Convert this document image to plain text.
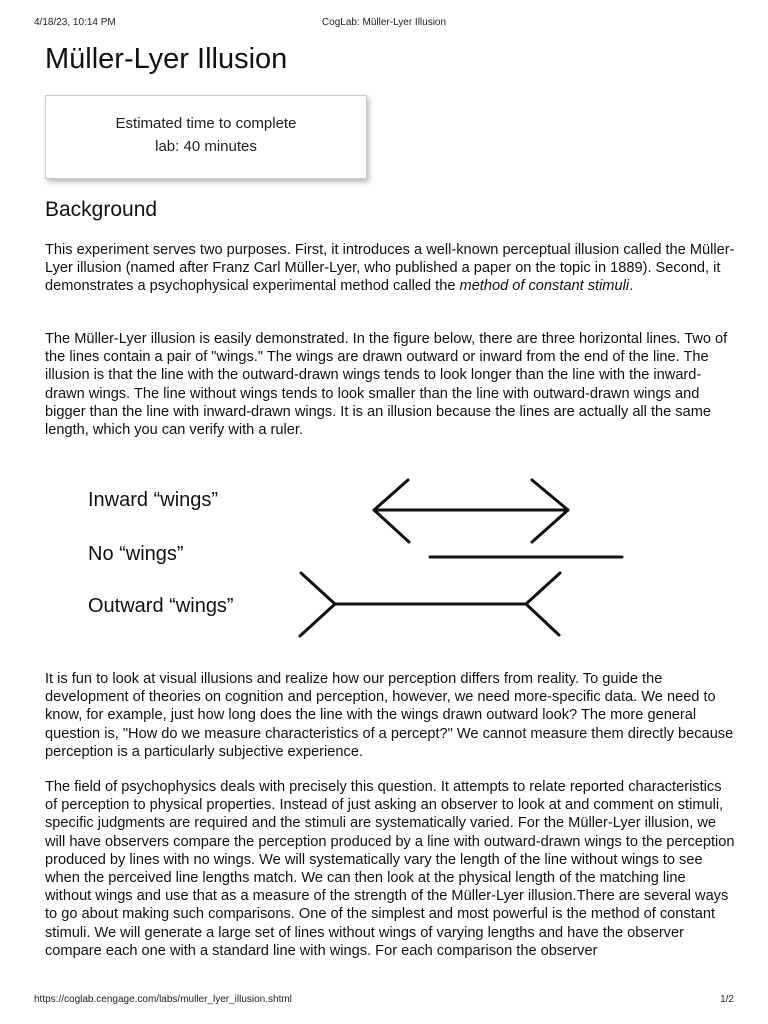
4/18/23, 10:14 PM	CogLab: Müller-Lyer Illusion
Müller-Lyer Illusion
Estimated time to complete
lab: 40 minutes
Background

This experiment serves two purposes. First, it introduces a well-known perceptual illusion called the Müller-Lyer illusion (named after Franz Carl Müller-Lyer, who published a paper on the topic in 1889). Second, it demonstrates a psychophysical experimental method called the method of constant stimuli.

The Müller-Lyer illusion is easily demonstrated. In the figure below, there are three horizontal lines. Two of the lines contain a pair of "wings." The wings are drawn outward or inward from the end of the line. The illusion is that the line with the outward-drawn wings tends to look longer than the line with the inward-drawn wings. The line without wings tends to look smaller than the line with outward-drawn wings and bigger than the line with inward-drawn wings. It is an illusion because the lines are actually all the same length, which you can verify with a ruler.

Inward “wings”
No “wings”
Outward “wings”

It is fun to look at visual illusions and realize how our perception differs from reality. To guide the development of theories on cognition and perception, however, we need more-specific data. We need to know, for example, just how long does the line with the wings drawn outward look? The more general question is, "How do we measure characteristics of a percept?" We cannot measure them directly because perception is a particularly subjective experience.

The field of psychophysics deals with precisely this question. It attempts to relate reported characteristics of perception to physical properties. Instead of just asking an observer to look at and comment on stimuli, specific judgments are required and the stimuli are systematically varied. For the Müller-Lyer illusion, we will have observers compare the perception produced by a line with outward-drawn wings to the perception produced by lines with no wings. We will systematically vary the length of the line without wings to see when the perceived line lengths match. We can then look at the physical length of the matching line without wings and use that as a measure of the strength of the Müller-Lyer illusion.There are several ways to go about making such comparisons. One of the simplest and most powerful is the method of constant stimuli. We will generate a large set of lines without wings of varying lengths and have the observer compare each one with a standard line with wings. For each comparison the observer

https://coglab.cengage.com/labs/muller_lyer_illusion.shtml	1/2
